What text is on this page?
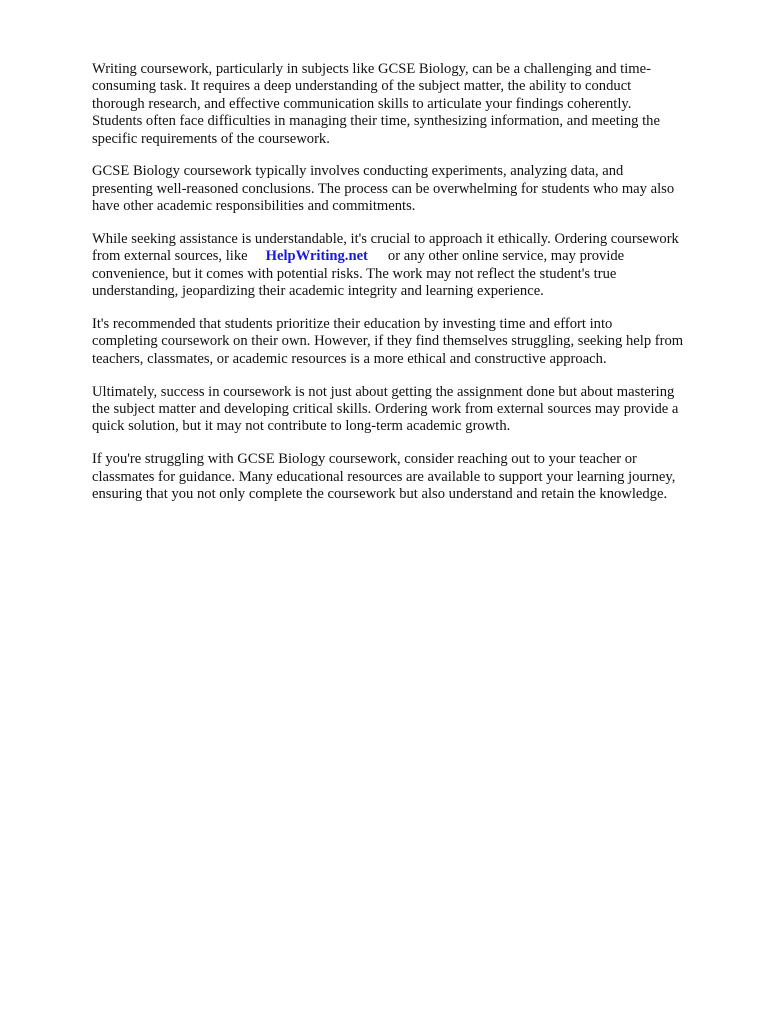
Writing coursework, particularly in subjects like GCSE Biology, can be a challenging and time-
consuming task. It requires a deep understanding of the subject matter, the ability to conduct
thorough research, and effective communication skills to articulate your findings coherently.
Students often face difficulties in managing their time, synthesizing information, and meeting the
specific requirements of the coursework.

GCSE Biology coursework typically involves conducting experiments, analyzing data, and
presenting well-reasoned conclusions. The process can be overwhelming for students who may also
have other academic responsibilities and commitments.

While seeking assistance is understandable, it's crucial to approach it ethically. Ordering coursework
from external sources, like HelpWriting.net or any other online service, may provide
convenience, but it comes with potential risks. The work may not reflect the student's true
understanding, jeopardizing their academic integrity and learning experience.

It's recommended that students prioritize their education by investing time and effort into
completing coursework on their own. However, if they find themselves struggling, seeking help from
teachers, classmates, or academic resources is a more ethical and constructive approach.

Ultimately, success in coursework is not just about getting the assignment done but about mastering
the subject matter and developing critical skills. Ordering work from external sources may provide a
quick solution, but it may not contribute to long-term academic growth.

If you're struggling with GCSE Biology coursework, consider reaching out to your teacher or
classmates for guidance. Many educational resources are available to support your learning journey,
ensuring that you not only complete the coursework but also understand and retain the knowledge.
